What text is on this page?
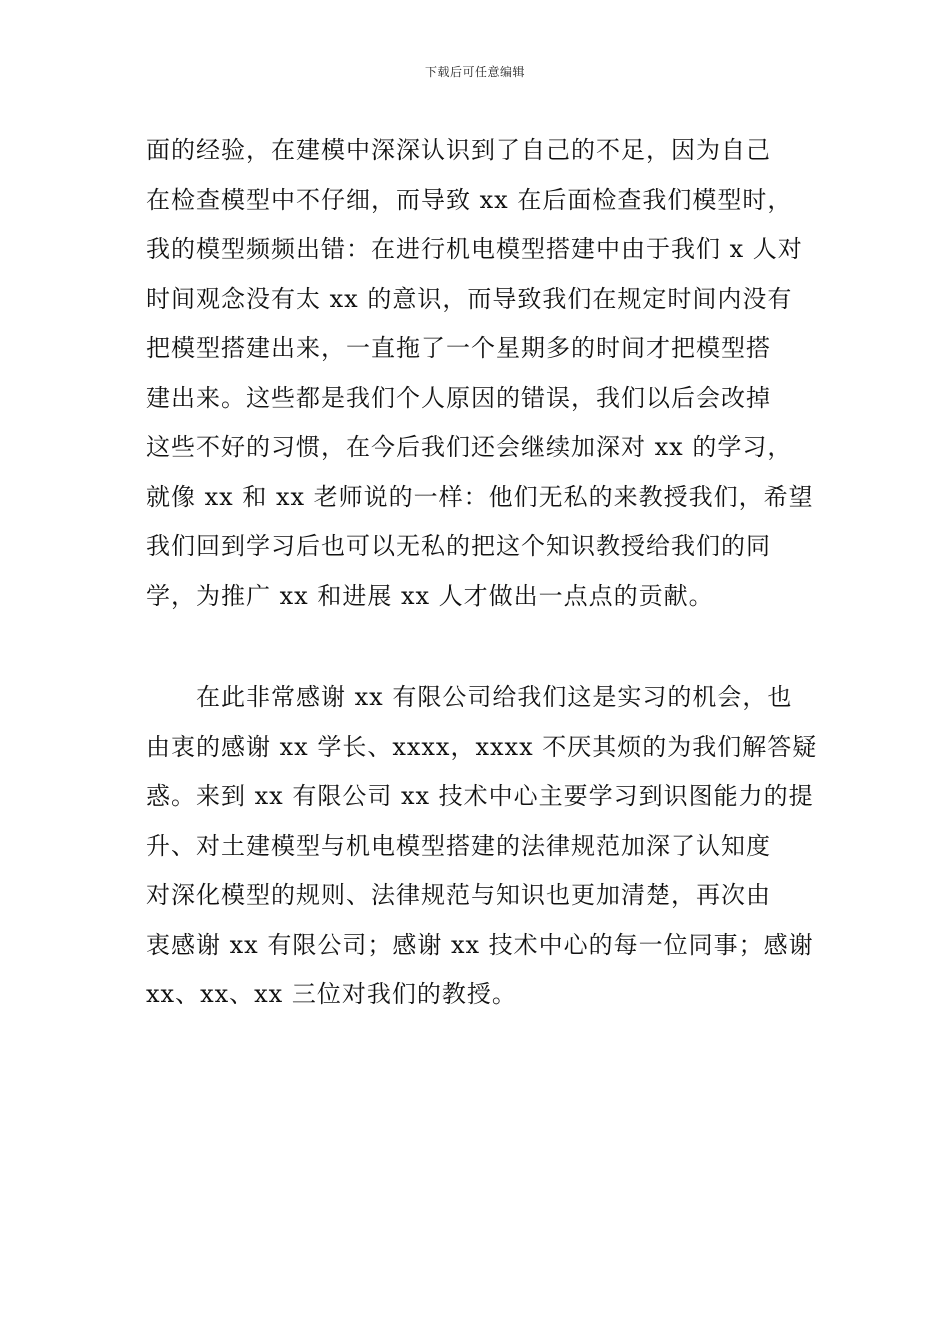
下载后可任意编辑
面的经验，在建模中深深认识到了自己的不足，因为自己
在检查模型中不仔细，而导致 xx 在后面检查我们模型时，
我的模型频频出错：在进行机电模型搭建中由于我们 x 人对
时间观念没有太 xx 的意识，而导致我们在规定时间内没有
把模型搭建出来，一直拖了一个星期多的时间才把模型搭
建出来。这些都是我们个人原因的错误，我们以后会改掉
这些不好的习惯，在今后我们还会继续加深对 xx 的学习，
就像 xx 和 xx 老师说的一样：他们无私的来教授我们，希望
我们回到学习后也可以无私的把这个知识教授给我们的同
学，为推广 xx 和进展 xx 人才做出一点点的贡献。
　　在此非常感谢 xx 有限公司给我们这是实习的机会，也
由衷的感谢 xx 学长、xxxx，xxxx 不厌其烦的为我们解答疑
惑。来到 xx 有限公司 xx 技术中心主要学习到识图能力的提
升、对土建模型与机电模型搭建的法律规范加深了认知度
对深化模型的规则、法律规范与知识也更加清楚，再次由
衷感谢 xx 有限公司；感谢 xx 技术中心的每一位同事；感谢
xx、xx、xx 三位对我们的教授。
